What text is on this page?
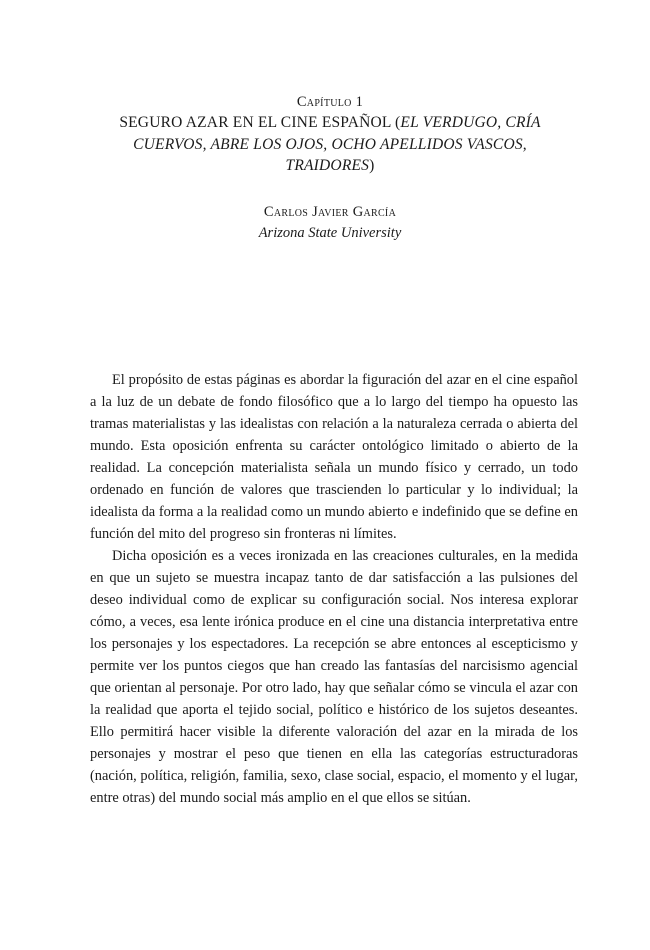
Capítulo 1
SEGURO AZAR EN EL CINE ESPAÑOL (EL VERDUGO, CRÍA CUERVOS, ABRE LOS OJOS, OCHO APELLIDOS VASCOS, TRAIDORES)
Carlos Javier García
Arizona State University

El propósito de estas páginas es abordar la figuración del azar en el cine español a la luz de un debate de fondo filosófico que a lo largo del tiempo ha opuesto las tramas materialistas y las idealistas con relación a la naturaleza cerrada o abierta del mundo. Esta oposición enfrenta su carácter ontológico limitado o abierto de la realidad. La concepción materialista señala un mundo físico y cerrado, un todo ordenado en función de valores que trascienden lo particular y lo individual; la idealista da forma a la realidad como un mundo abierto e indefinido que se define en función del mito del progreso sin fronteras ni límites.

Dicha oposición es a veces ironizada en las creaciones culturales, en la medida en que un sujeto se muestra incapaz tanto de dar satisfacción a las pulsiones del deseo individual como de explicar su configuración social. Nos interesa explorar cómo, a veces, esa lente irónica produce en el cine una distancia interpretativa entre los personajes y los espectadores. La recepción se abre entonces al escepticismo y permite ver los puntos ciegos que han creado las fantasías del narcisismo agencial que orientan al personaje. Por otro lado, hay que señalar cómo se vincula el azar con la realidad que aporta el tejido social, político e histórico de los sujetos deseantes. Ello permitirá hacer visible la diferente valoración del azar en la mirada de los personajes y mostrar el peso que tienen en ella las categorías estructuradoras (nación, política, religión, familia, sexo, clase social, espacio, el momento y el lugar, entre otras) del mundo social más amplio en el que ellos se sitúan.
